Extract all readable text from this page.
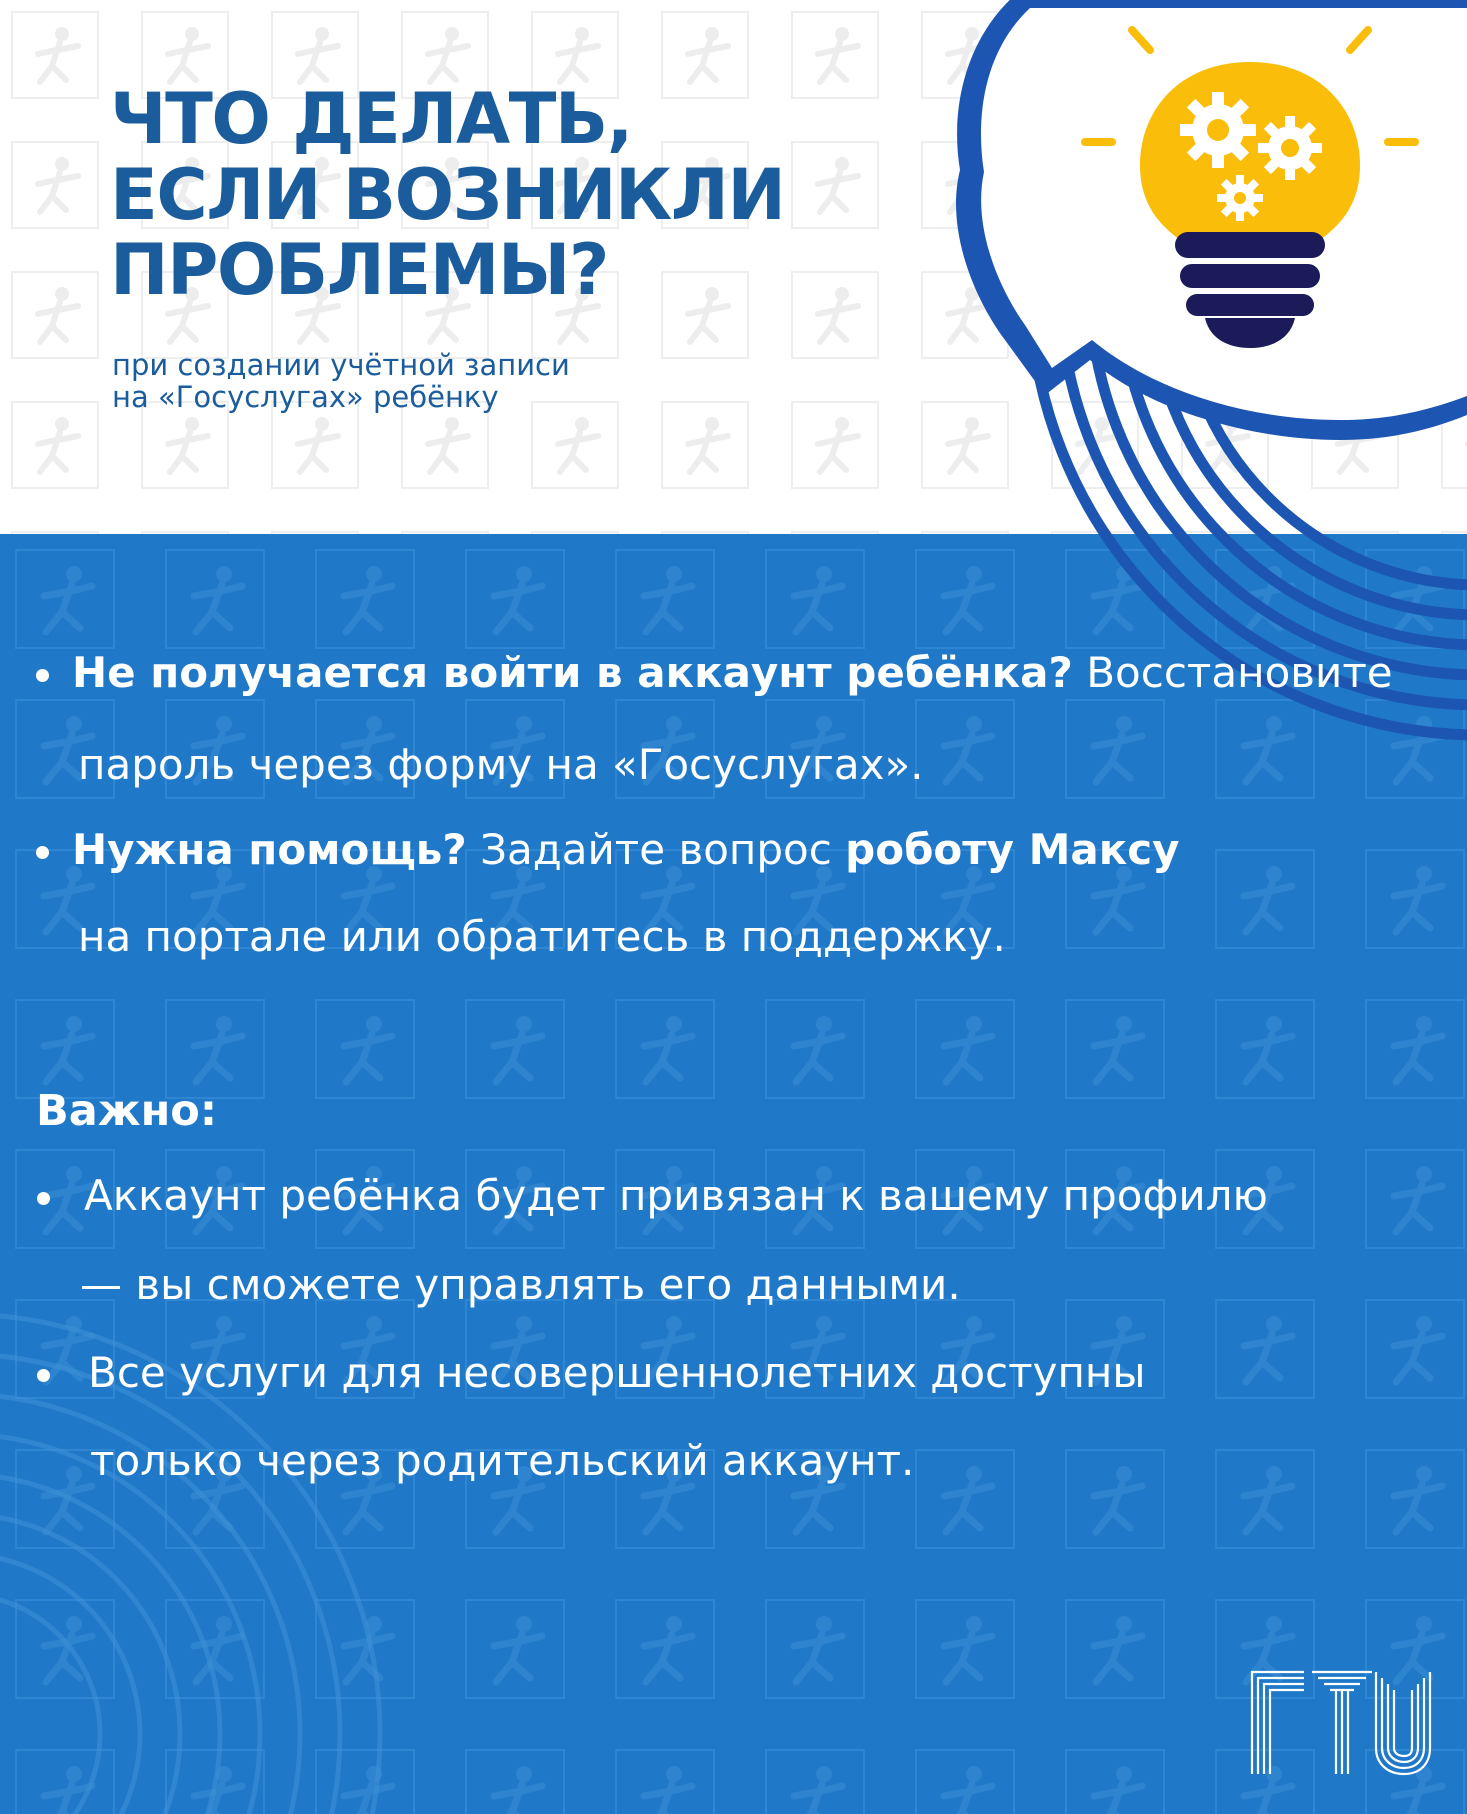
ЧТО ДЕЛАТЬ,
ЕСЛИ ВОЗНИКЛИ
ПРОБЛЕМЫ?

при создании учётной записи
на «Госуслугах» ребёнку

Не получается войти в аккаунт ребёнка? Восстановите
пароль через форму на «Госуслугах».
Нужна помощь? Задайте вопрос роботу Максу
на портале или обратитесь в поддержку.
Важно:
Аккаунт ребёнка будет привязан к вашему профилю
— вы сможете управлять его данными.
Все услуги для несовершеннолетних доступны
только через родительский аккаунт.
